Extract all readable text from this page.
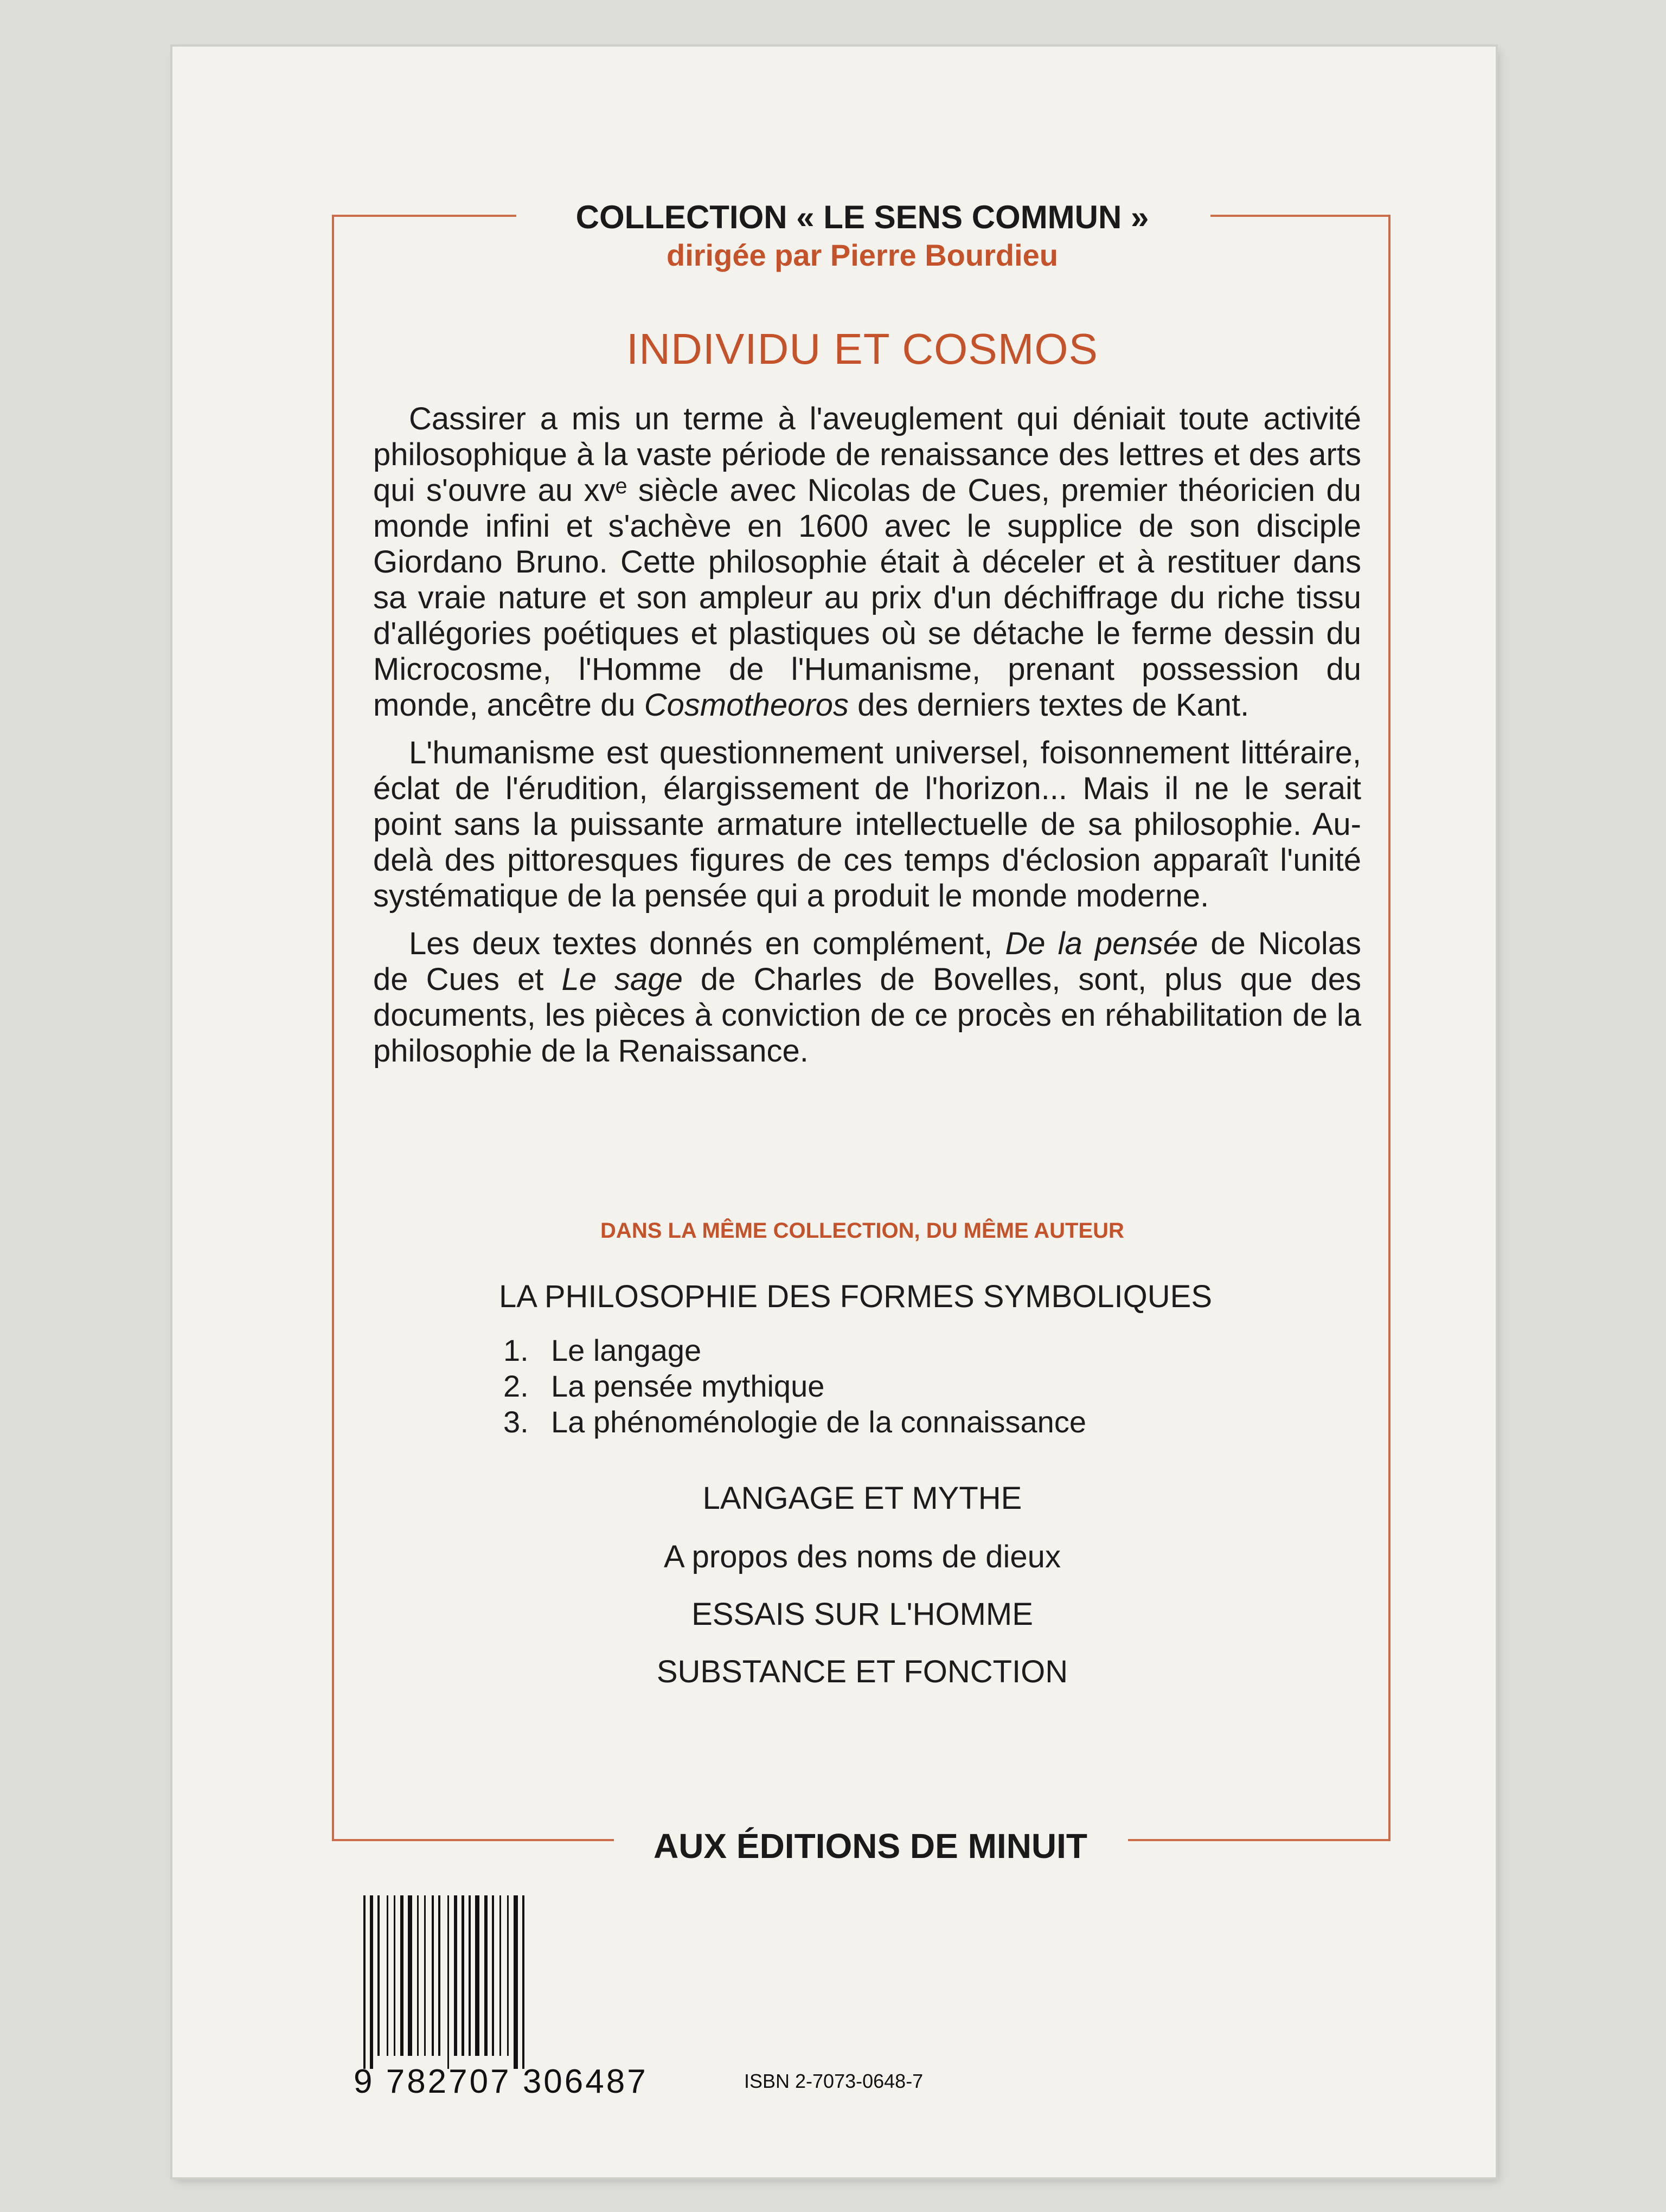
COLLECTION « LE SENS COMMUN »
dirigée par Pierre Bourdieu
INDIVIDU ET COSMOS

Cassirer a mis un terme à l'aveuglement qui déniait toute activité philosophique à la vaste période de renaissance des lettres et des arts qui s'ouvre au xvᵉ siècle avec Nicolas de Cues, premier théoricien du monde infini et s'achève en 1600 avec le supplice de son disciple Giordano Bruno. Cette philosophie était à déceler et à restituer dans sa vraie nature et son ampleur au prix d'un déchiffrage du riche tissu d'allégories poétiques et plastiques où se détache le ferme dessin du Microcosme, l'Homme de l'Humanisme, prenant possession du monde, ancêtre du Cosmotheoros des derniers textes de Kant.

L'humanisme est questionnement universel, foisonnement littéraire, éclat de l'érudition, élargissement de l'horizon... Mais il ne le serait point sans la puissante armature intellectuelle de sa philosophie. Au-delà des pittoresques figures de ces temps d'éclosion apparaît l'unité systématique de la pensée qui a produit le monde moderne.

Les deux textes donnés en complément, De la pensée de Nicolas de Cues et Le sage de Charles de Bovelles, sont, plus que des documents, les pièces à conviction de ce procès en réhabilitation de la philosophie de la Renaissance.

DANS LA MÊME COLLECTION, DU MÊME AUTEUR
LA PHILOSOPHIE DES FORMES SYMBOLIQUES
1. Le langage
2. La pensée mythique
3. La phénoménologie de la connaissance
LANGAGE ET MYTHE
A propos des noms de dieux
ESSAIS SUR L'HOMME
SUBSTANCE ET FONCTION
AUX ÉDITIONS DE MINUIT
9 782707 306487	ISBN 2-7073-0648-7
